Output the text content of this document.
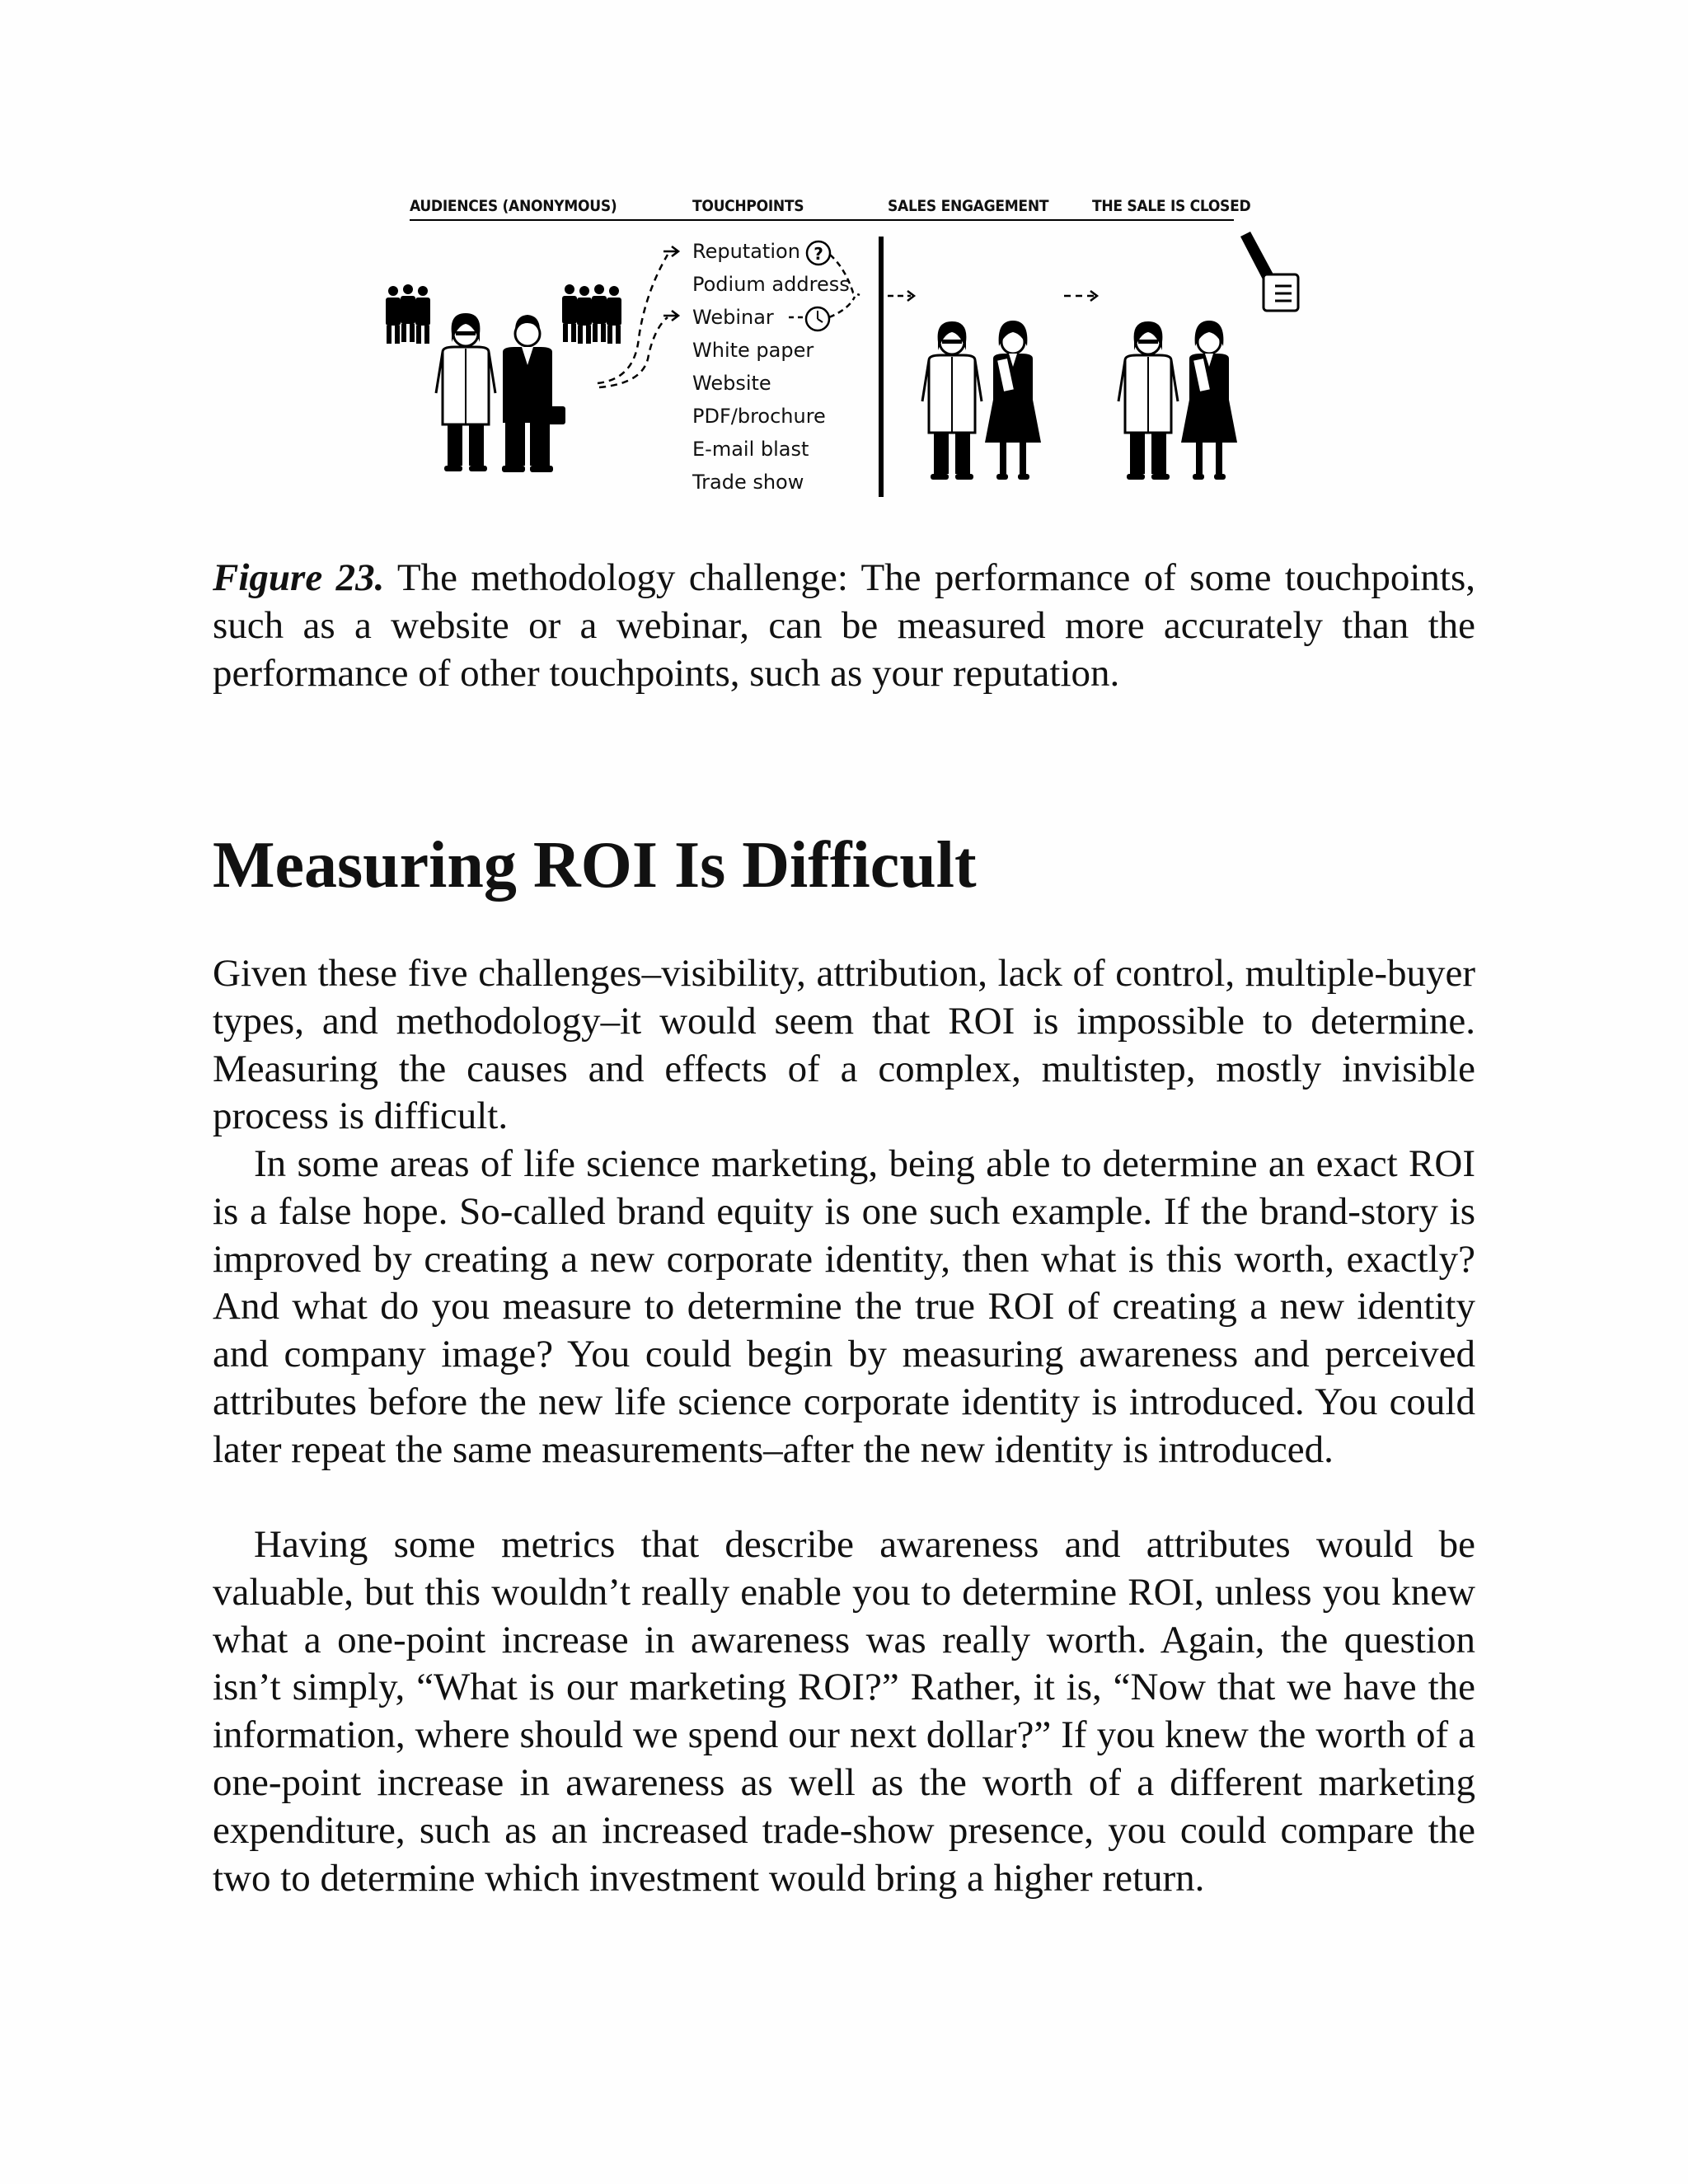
?
AUDIENCES (ANONYMOUS)	TOUCHPOINTS	SALES ENGAGEMENT	THE SALE IS CLOSED
Reputation
Podium address
Webinar
White paper
Website
PDF/brochure
E-mail blast
Trade show

Figure 23. The methodology challenge: The performance of some touchpoints, such as a website or a webinar, can be measured more accurately than the performance of other touchpoints, such as your reputation.

Measuring ROI Is Difficult

Given these five challenges–visibility, attribution, lack of control, multiple-buyer types, and methodology–it would seem that ROI is impossible to determine. Measuring the causes and effects of a complex, multistep, mostly invisible process is difficult.

In some areas of life science marketing, being able to determine an exact ROI is a false hope. So-called brand equity is one such example. If the brand-story is improved by creating a new corporate identity, then what is this worth, exactly? And what do you measure to determine the true ROI of creating a new identity and company image? You could begin by measuring awareness and perceived attributes before the new life science corporate identity is introduced. You could later repeat the same measurements–after the new identity is introduced.

Having some metrics that describe awareness and attributes would be valuable, but this wouldn’t really enable you to determine ROI, unless you knew what a one-point increase in awareness was really worth. Again, the question isn’t simply, “What is our marketing ROI?” Rather, it is, “Now that we have the information, where should we spend our next dollar?” If you knew the worth of a one-point increase in awareness as well as the worth of a different marketing expenditure, such as an increased trade-show presence, you could compare the two to determine which investment would bring a higher return.
